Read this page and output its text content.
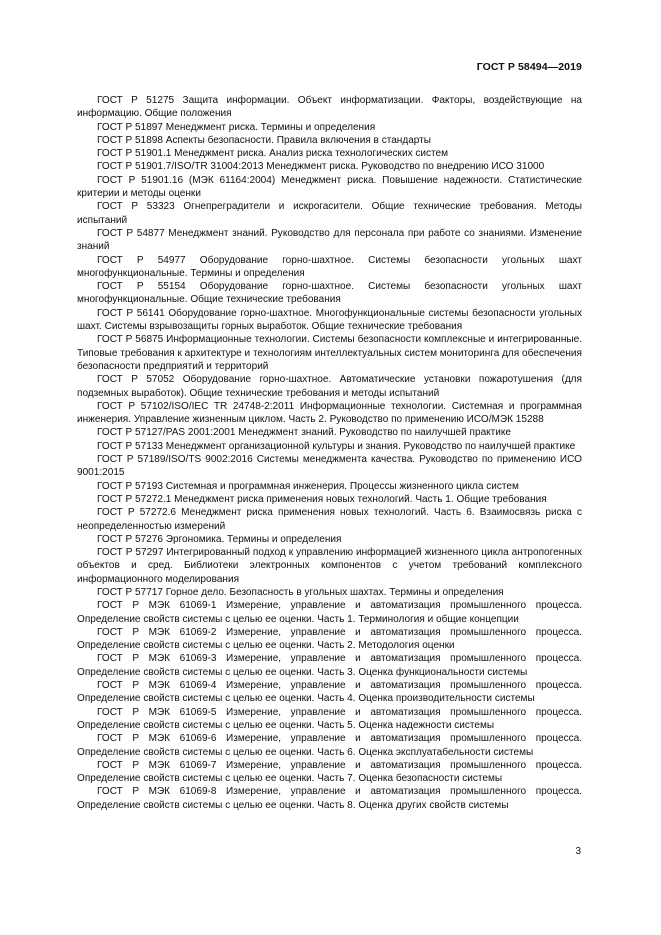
ГОСТ Р 58494—2019

ГОСТ Р 51275 Защита информации. Объект информатизации. Факторы, воздействующие на информацию. Общие положения

ГОСТ Р 51897 Менеджмент риска. Термины и определения

ГОСТ Р 51898 Аспекты безопасности. Правила включения в стандарты

ГОСТ Р 51901.1 Менеджмент риска. Анализ риска технологических систем

ГОСТ Р 51901.7/ISO/TR 31004:2013 Менеджмент риска. Руководство по внедрению ИСО 31000

ГОСТ Р 51901.16 (МЭК 61164:2004) Менеджмент риска. Повышение надежности. Статистические критерии и методы оценки

ГОСТ Р 53323 Огнепреградители и искрогасители. Общие технические требования. Методы испытаний

ГОСТ Р 54877 Менеджмент знаний. Руководство для персонала при работе со знаниями. Изменение знаний

ГОСТ Р 54977 Оборудование горно-шахтное. Системы безопасности угольных шахт многофункциональные. Термины и определения

ГОСТ Р 55154 Оборудование горно-шахтное. Системы безопасности угольных шахт многофункциональные. Общие технические требования

ГОСТ Р 56141 Оборудование горно-шахтное. Многофункциональные системы безопасности угольных шахт. Системы взрывозащиты горных выработок. Общие технические требования

ГОСТ Р 56875 Информационные технологии. Системы безопасности комплексные и интегрированные. Типовые требования к архитектуре и технологиям интеллектуальных систем мониторинга для обеспечения безопасности предприятий и территорий

ГОСТ Р 57052 Оборудование горно-шахтное. Автоматические установки пожаротушения (для подземных выработок). Общие технические требования и методы испытаний

ГОСТ Р 57102/ISO/IEC TR 24748-2:2011 Информационные технологии. Системная и программная инженерия. Управление жизненным циклом. Часть 2. Руководство по применению ИСО/МЭК 15288

ГОСТ Р 57127/PAS 2001:2001 Менеджмент знаний. Руководство по наилучшей практике

ГОСТ Р 57133 Менеджмент организационной культуры и знания. Руководство по наилучшей практике

ГОСТ Р 57189/ISO/TS 9002:2016 Системы менеджмента качества. Руководство по применению ИСО 9001:2015

ГОСТ Р 57193 Системная и программная инженерия. Процессы жизненного цикла систем

ГОСТ Р 57272.1 Менеджмент риска применения новых технологий. Часть 1. Общие требования

ГОСТ Р 57272.6 Менеджмент риска применения новых технологий. Часть 6. Взаимосвязь риска с неопределенностью измерений

ГОСТ Р 57276 Эргономика. Термины и определения

ГОСТ Р 57297 Интегрированный подход к управлению информацией жизненного цикла антропогенных объектов и сред. Библиотеки электронных компонентов с учетом требований комплексного информационного моделирования

ГОСТ Р 57717 Горное дело. Безопасность в угольных шахтах. Термины и определения

ГОСТ Р МЭК 61069-1 Измерение, управление и автоматизация промышленного процесса. Определение свойств системы с целью ее оценки. Часть 1. Терминология и общие концепции

ГОСТ Р МЭК 61069-2 Измерение, управление и автоматизация промышленного процесса. Определение свойств системы с целью ее оценки. Часть 2. Методология оценки

ГОСТ Р МЭК 61069-3 Измерение, управление и автоматизация промышленного процесса. Определение свойств системы с целью ее оценки. Часть 3. Оценка функциональности системы

ГОСТ Р МЭК 61069-4 Измерение, управление и автоматизация промышленного процесса. Определение свойств системы с целью ее оценки. Часть 4. Оценка производительности системы

ГОСТ Р МЭК 61069-5 Измерение, управление и автоматизация промышленного процесса. Определение свойств системы с целью ее оценки. Часть 5. Оценка надежности системы

ГОСТ Р МЭК 61069-6 Измерение, управление и автоматизация промышленного процесса. Определение свойств системы с целью ее оценки. Часть 6. Оценка эксплуатабельности системы

ГОСТ Р МЭК 61069-7 Измерение, управление и автоматизация промышленного процесса. Определение свойств системы с целью ее оценки. Часть 7. Оценка безопасности системы

ГОСТ Р МЭК 61069-8 Измерение, управление и автоматизация промышленного процесса. Определение свойств системы с целью ее оценки. Часть 8. Оценка других свойств системы

3
